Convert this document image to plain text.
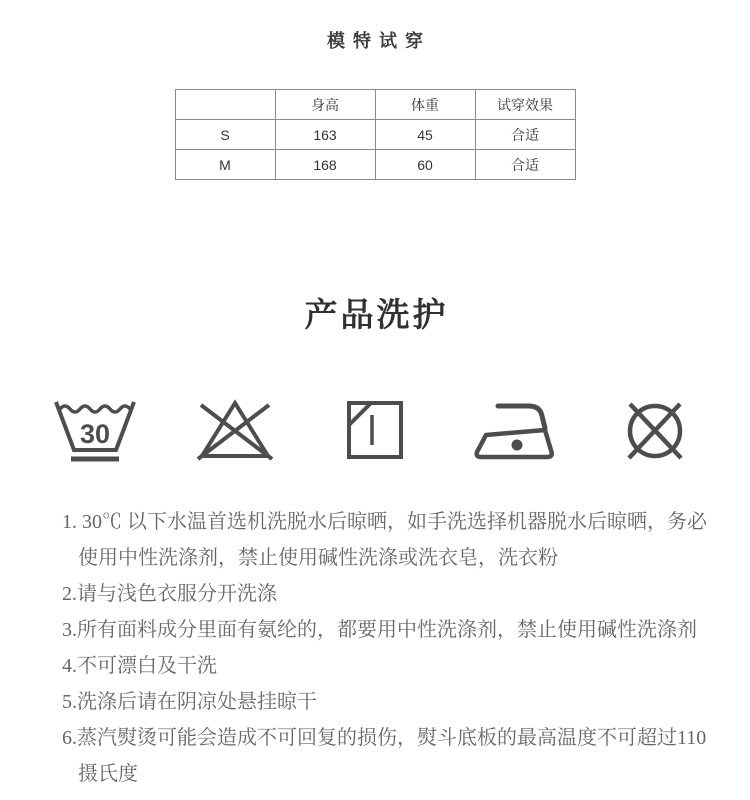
模特试穿
	身高	体重	试穿效果
S	163	45	合适
M	168	60	合适
产品洗护
30
1. 30℃ 以下水温首选机洗脱水后晾晒，如手洗选择机器脱水后晾晒，务必使用中性洗涤剂，禁止使用碱性洗涤或洗衣皂，洗衣粉
2.请与浅色衣服分开洗涤
3.所有面料成分里面有氨纶的，都要用中性洗涤剂，禁止使用碱性洗涤剂
4.不可漂白及干洗
5.洗涤后请在阴凉处悬挂晾干
6.蒸汽熨烫可能会造成不可回复的损伤，熨斗底板的最高温度不可超过110摄氏度
